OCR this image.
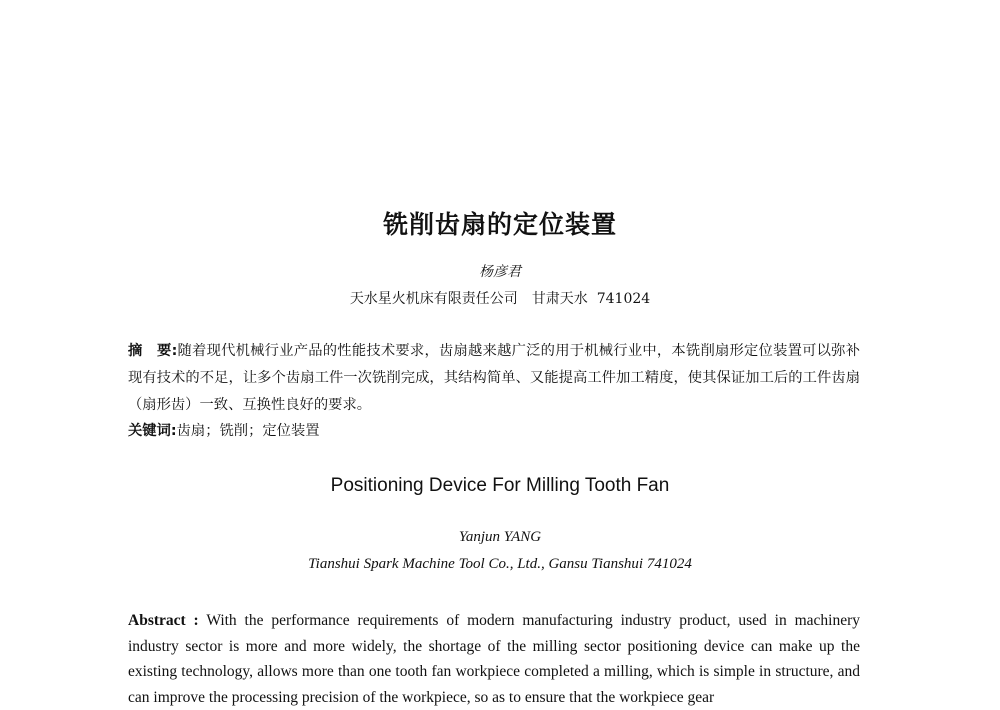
铣削齿扇的定位装置
杨彦君
天水星火机床有限责任公司 甘肃天水 741024
摘　要:随着现代机械行业产品的性能技术要求，齿扇越来越广泛的用于机械行业中，本铣削扇形定位装置可以弥补现有技术的不足，让多个齿扇工件一次铣削完成，其结构简单、又能提高工件加工精度，使其保证加工后的工件齿扇（扇形齿）一致、互换性良好的要求。
关键词:齿扇；铣削；定位装置
Positioning Device For Milling Tooth Fan
Yanjun YANG
Tianshui Spark Machine Tool Co., Ltd., Gansu Tianshui 741024
Abstract : With the performance requirements of modern manufacturing industry product, used in machinery industry sector is more and more widely, the shortage of the milling sector positioning device can make up the existing technology, allows more than one tooth fan workpiece completed a milling, which is simple in structure, and can improve the processing precision of the workpiece, so as to ensure that the workpiece gear
